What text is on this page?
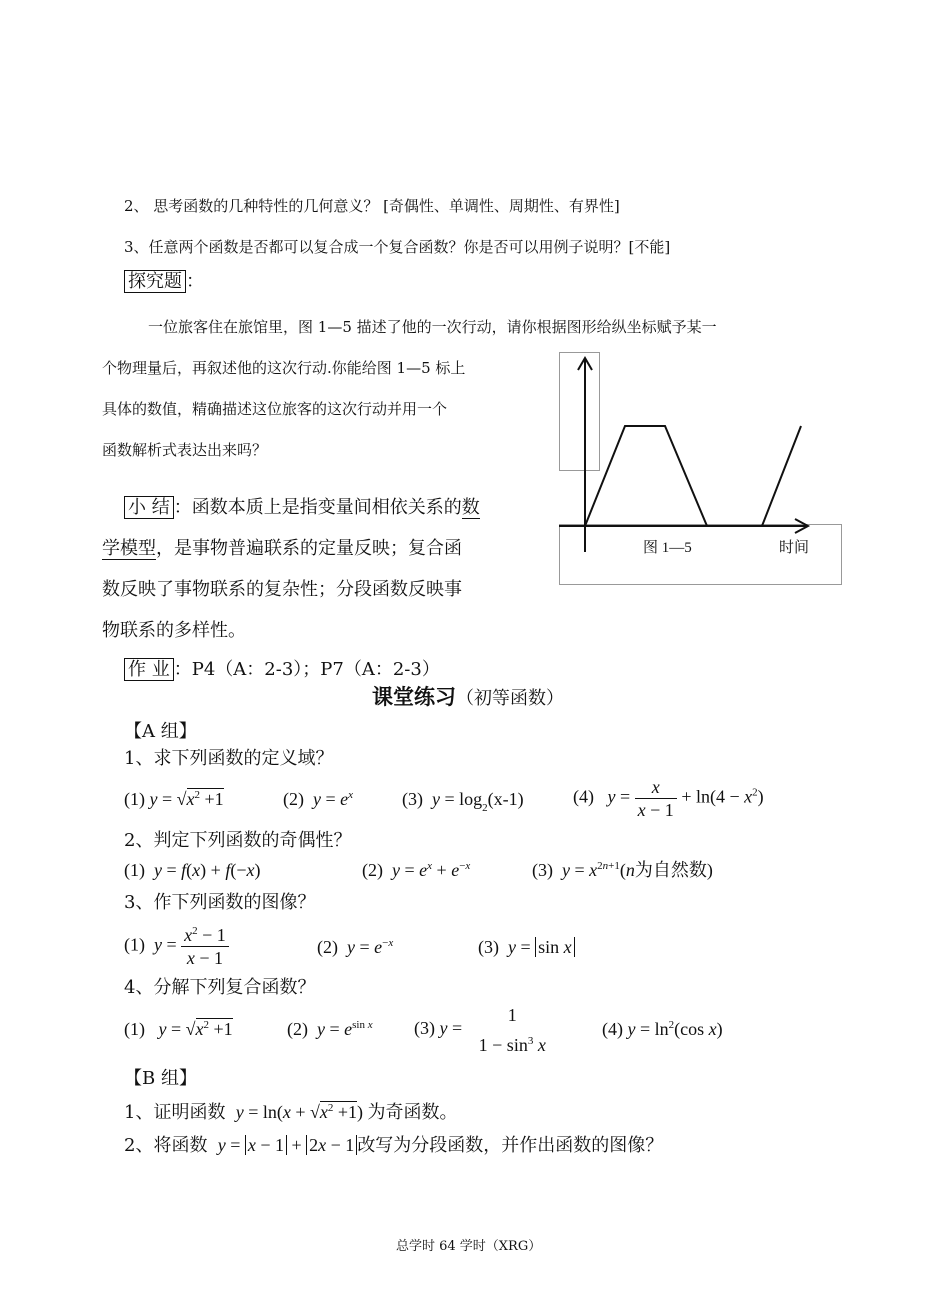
2、 思考函数的几种特性的几何意义？ [奇偶性、单调性、周期性、有界性]
3、任意两个函数是否都可以复合成一个复合函数？你是否可以用例子说明？[不能]
探究题 ：
一位旅客住在旅馆里，图 1—5 描述了他的一次行动，请你根据图形给纵坐标赋予某一
个物理量后，再叙述他的这次行动.你能给图 1—5 标上
具体的数值，精确描述这位旅客的这次行动并用一个
函数解析式表达出来吗？
图 1—5	时间
小 结 ：函数本质上是指变量间相依关系的数
学模型，是事物普遍联系的定量反映；复合函
数反映了事物联系的复杂性；分段函数反映事
物联系的多样性。
作 业 ：P4（A：2-3）；P7（A：2-3）
课堂练习（初等函数）
【A 组】
1、求下列函数的定义域？
(1) $y = √x^2 +1$	(2)  $y = e^x$	(3)  $y = \log_2(x-1)$	(4)   $y = \frac{x}{x - 1} + \ln(4 - x^2)$
2、判定下列函数的奇偶性？
(1)  y = f(x) + f(−x)	(2)  $y = e^x + e^{-x}$	(3)  $y = x^{2n+1}(n$为自然数)
3、作下列函数的图像？
(1)  $y = \frac{x^2 - 1}{x - 1}$	(2)  $y = e^{-x}$	(3)  y = sin x
4、分解下列复合函数？
(1)   $y = √x^2 +1$	(2)  $y = e^{sin x}$ (3) y =
1
$1 - \sin^3 x$
(4) $y = \ln^2(\cos$ x)
【B 组】
1、证明函数 $y = \ln(x + √x^2 +1)$ 为奇函数。
2、将函数 y = x − 1 + 2x − 1 改写为分段函数，并作出函数的图像？
总学时 64 学时（XRG）
